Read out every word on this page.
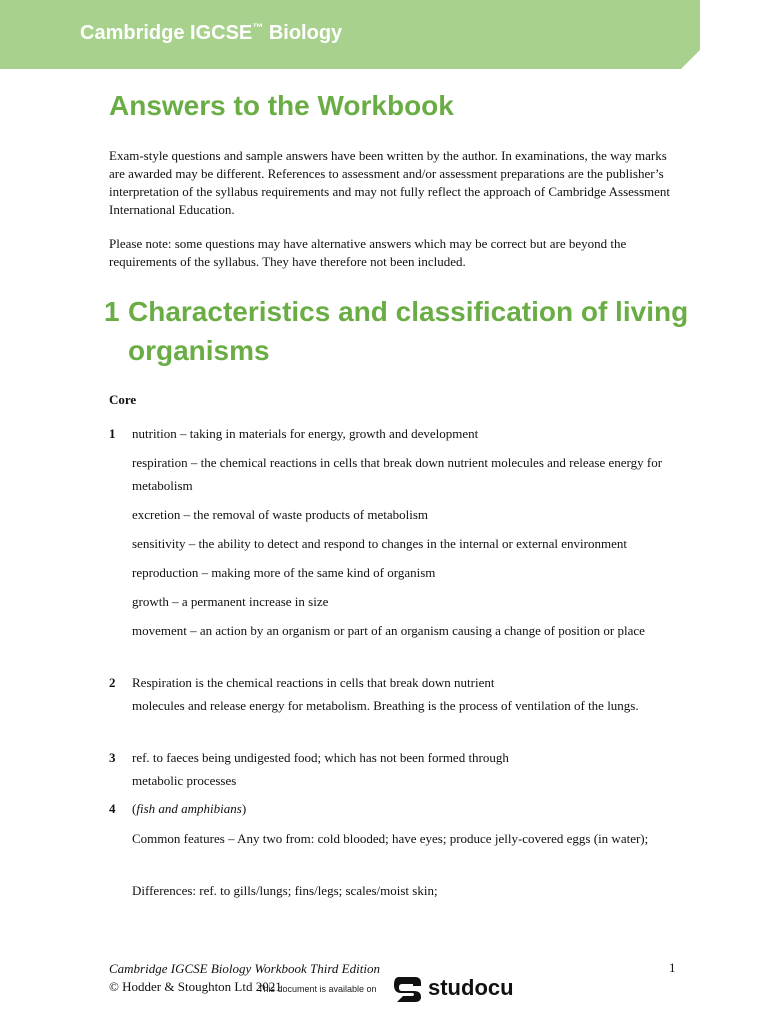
Cambridge IGCSE™ Biology
Answers to the Workbook

Exam-style questions and sample answers have been written by the author. In examinations, the way marks are awarded may be different. References to assessment and/or assessment preparations are the publisher’s interpretation of the syllabus requirements and may not fully reflect the approach of Cambridge Assessment International Education.

Please note: some questions may have alternative answers which may be correct but are beyond the requirements of the syllabus. They have therefore not been included.

1 Characteristics and classification of living organisms
Core
1 nutrition – taking in materials for energy, growth and development

respiration – the chemical reactions in cells that break down nutrient molecules and release energy for metabolism

excretion – the removal of waste products of metabolism

sensitivity – the ability to detect and respond to changes in the internal or external environment

reproduction – making more of the same kind of organism

growth – a permanent increase in size

movement – an action by an organism or part of an organism causing a change of position or place

2 Respiration is the chemical reactions in cells that break down nutrient

molecules and release energy for metabolism. Breathing is the process of ventilation of the lungs.

3 ref. to faeces being undigested food; which has not been formed through

metabolic processes

4 (fish and amphibians)

Common features – Any two from: cold blooded; have eyes; produce jelly-covered eggs (in water);

Differences: ref. to gills/lungs; fins/legs; scales/moist skin;

Cambridge IGCSE Biology Workbook Third Edition
© Hodder & Stoughton Ltd 2021
1
This document is available on studocu
